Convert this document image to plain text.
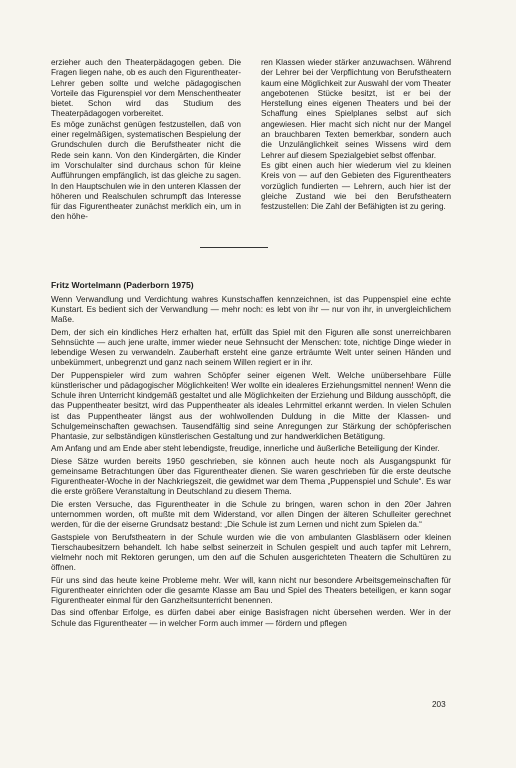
erzieher auch den Theaterpädagogen geben. Die Fragen liegen nahe, ob es auch den Figurentheater-Lehrer geben sollte und welche pädagogischen Vorteile das Figurenspiel vor dem Menschentheater bietet. Schon wird das Studium des Theaterpädagogen vorbereitet.

Es möge zunächst genügen festzustellen, daß von einer regelmäßigen, systematischen Bespielung der Grundschulen durch die Berufstheater nicht die Rede sein kann. Von den Kindergärten, die Kinder im Vorschulalter sind durchaus schon für kleine Aufführungen empfänglich, ist das gleiche zu sagen. In den Hauptschulen wie in den unteren Klassen der höheren und Realschulen schrumpft das Interesse für das Figurentheater zunächst merklich ein, um in den höhe-

ren Klassen wieder stärker anzuwachsen. Während der Lehrer bei der Verpflichtung von Berufstheatern kaum eine Möglichkeit zur Auswahl der vom Theater angebotenen Stücke besitzt, ist er bei der Herstellung eines eigenen Theaters und bei der Schaffung eines Spielplanes selbst auf sich angewiesen. Hier macht sich nicht nur der Mangel an brauchbaren Texten bemerkbar, sondern auch die Unzulänglichkeit seines Wissens wird dem Lehrer auf diesem Spezialgebiet selbst offenbar.

Es gibt einen auch hier wiederum viel zu kleinen Kreis von — auf den Gebieten des Figurentheaters vorzüglich fundierten — Lehrern, auch hier ist der gleiche Zustand wie bei den Berufstheatern festzustellen: Die Zahl der Befähigten ist zu gering.

Fritz Wortelmann (Paderborn 1975)

Wenn Verwandlung und Verdichtung wahres Kunstschaffen kennzeichnen, ist das Puppenspiel eine echte Kunstart. Es bedient sich der Verwandlung — mehr noch: es lebt von ihr — nur von ihr, in unvergleichlichem Maße.

Dem, der sich ein kindliches Herz erhalten hat, erfüllt das Spiel mit den Figuren alle sonst unerreichbaren Sehnsüchte — auch jene uralte, immer wieder neue Sehnsucht der Menschen: tote, nichtige Dinge wieder in lebendige Wesen zu verwandeln. Zauberhaft ersteht eine ganze erträumte Welt unter seinen Händen und unbekümmert, unbegrenzt und ganz nach seinem Willen regiert er in ihr.

Der Puppenspieler wird zum wahren Schöpfer seiner eigenen Welt. Welche unübersehbare Fülle künstlerischer und pädagogischer Möglichkeiten! Wer wollte ein idealeres Erziehungsmittel nennen! Wenn die Schule ihren Unterricht kindgemäß gestaltet und alle Möglichkeiten der Erziehung und Bildung ausschöpft, die das Puppentheater besitzt, wird das Puppentheater als ideales Lehrmittel erkannt werden. In vielen Schulen ist das Puppentheater längst aus der wohlwollenden Duldung in die Mitte der Klassen- und Schulgemeinschaften gewachsen. Tausendfältig sind seine Anregungen zur Stärkung der schöpferischen Phantasie, zur selbständigen künstlerischen Gestaltung und zur handwerklichen Betätigung.

Am Anfang und am Ende aber steht lebendigste, freudige, innerliche und äußerliche Beteiligung der Kinder.

Diese Sätze wurden bereits 1950 geschrieben, sie können auch heute noch als Ausgangspunkt für gemeinsame Betrachtungen über das Figurentheater dienen. Sie waren geschrieben für die erste deutsche Figurentheater-Woche in der Nachkriegszeit, die gewidmet war dem Thema „Puppenspiel und Schule“. Es war die erste größere Veranstaltung in Deutschland zu diesem Thema.

Die ersten Versuche, das Figurentheater in die Schule zu bringen, waren schon in den 20er Jahren unternommen worden, oft mußte mit dem Widerstand, vor allen Dingen der älteren Schulleiter gerechnet werden, für die der eiserne Grundsatz bestand: „Die Schule ist zum Lernen und nicht zum Spielen da.“

Gastspiele von Berufstheatern in der Schule wurden wie die von ambulanten Glasbläsern oder kleinen Tierschaubesitzern behandelt. Ich habe selbst seinerzeit in Schulen gespielt und auch tapfer mit Lehrern, vielmehr noch mit Rektoren gerungen, um den auf die Schulen ausgerichteten Theatern die Schultüren zu öffnen.

Für uns sind das heute keine Probleme mehr. Wer will, kann nicht nur besondere Arbeitsgemeinschaften für Figurentheater einrichten oder die gesamte Klasse am Bau und Spiel des Theaters beteiligen, er kann sogar Figurentheater einmal für den Ganzheitsunterricht benennen.

Das sind offenbar Erfolge, es dürfen dabei aber einige Basisfragen nicht übersehen werden. Wer in der Schule das Figurentheater — in welcher Form auch immer — fördern und pflegen

203
